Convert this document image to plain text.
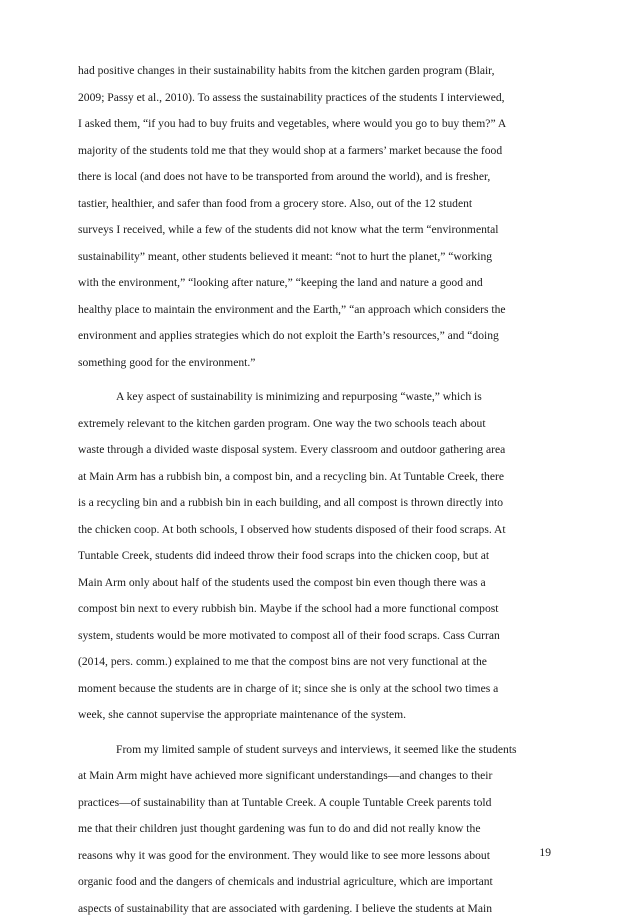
had positive changes in their sustainability habits from the kitchen garden program (Blair,
2009; Passy et al., 2010). To assess the sustainability practices of the students I interviewed,
I asked them, “if you had to buy fruits and vegetables, where would you go to buy them?” A
majority of the students told me that they would shop at a farmers’ market because the food
there is local (and does not have to be transported from around the world), and is fresher,
tastier, healthier, and safer than food from a grocery store. Also, out of the 12 student
surveys I received, while a few of the students did not know what the term “environmental
sustainability” meant, other students believed it meant: “not to hurt the planet,” “working
with the environment,” “looking after nature,” “keeping the land and nature a good and
healthy place to maintain the environment and the Earth,” “an approach which considers the
environment and applies strategies which do not exploit the Earth’s resources,” and “doing
something good for the environment.”
A key aspect of sustainability is minimizing and repurposing “waste,” which is
extremely relevant to the kitchen garden program. One way the two schools teach about
waste through a divided waste disposal system. Every classroom and outdoor gathering area
at Main Arm has a rubbish bin, a compost bin, and a recycling bin. At Tuntable Creek, there
is a recycling bin and a rubbish bin in each building, and all compost is thrown directly into
the chicken coop. At both schools, I observed how students disposed of their food scraps. At
Tuntable Creek, students did indeed throw their food scraps into the chicken coop, but at
Main Arm only about half of the students used the compost bin even though there was a
compost bin next to every rubbish bin. Maybe if the school had a more functional compost
system, students would be more motivated to compost all of their food scraps. Cass Curran
(2014, pers. comm.) explained to me that the compost bins are not very functional at the
moment because the students are in charge of it; since she is only at the school two times a
week, she cannot supervise the appropriate maintenance of the system.
From my limited sample of student surveys and interviews, it seemed like the students
at Main Arm might have achieved more significant understandings—and changes to their
practices—of sustainability than at Tuntable Creek. A couple Tuntable Creek parents told
me that their children just thought gardening was fun to do and did not really know the
reasons why it was good for the environment. They would like to see more lessons about
organic food and the dangers of chemicals and industrial agriculture, which are important
aspects of sustainability that are associated with gardening. I believe the students at Main
19
